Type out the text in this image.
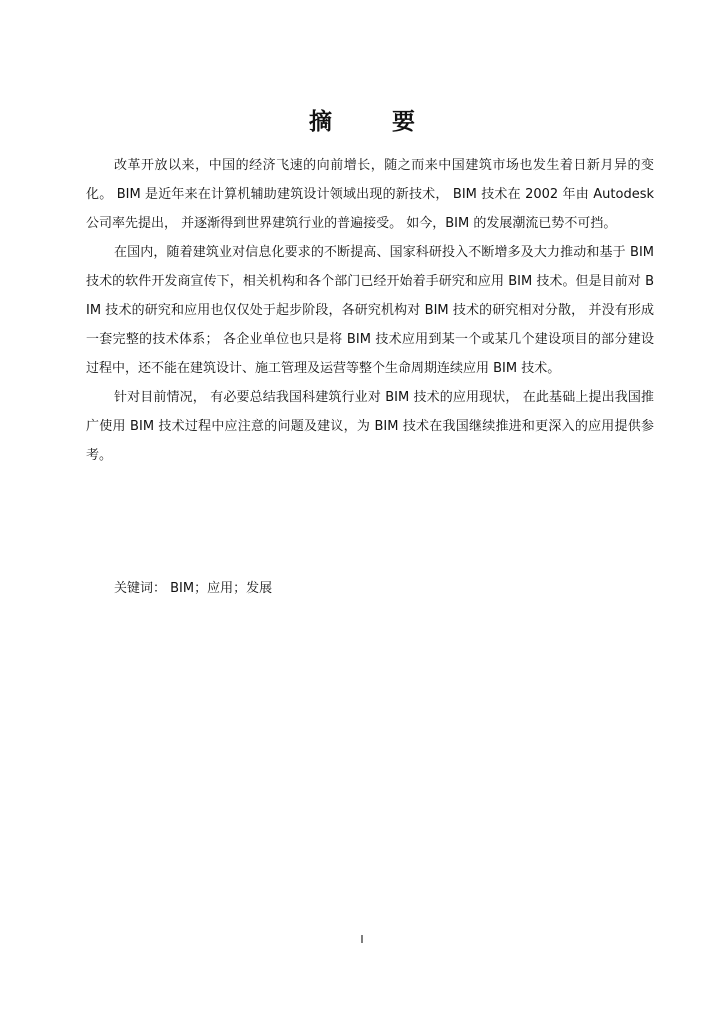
摘要

改革开放以来，中国的经济飞速的向前增长，随之而来中国建筑市场也发生着日新月异的变化。 BIM 是近年来在计算机辅助建筑设计领域出现的新技术， BIM 技术在 2002 年由 Autodesk 公司率先提出， 并逐渐得到世界建筑行业的普遍接受。 如今，BIM 的发展潮流已势不可挡。

在国内，随着建筑业对信息化要求的不断提高、国家科研投入不断增多及大力推动和基于 BIM 技术的软件开发商宣传下，相关机构和各个部门已经开始着手研究和应用 BIM 技术。但是目前对 BIM 技术的研究和应用也仅仅处于起步阶段，各研究机构对 BIM 技术的研究相对分散， 并没有形成一套完整的技术体系； 各企业单位也只是将 BIM 技术应用到某一个或某几个建设项目的部分建设过程中，还不能在建筑设计、施工管理及运营等整个生命周期连续应用 BIM 技术。

针对目前情况， 有必要总结我国科建筑行业对 BIM 技术的应用现状， 在此基础上提出我国推广使用 BIM 技术过程中应注意的问题及建议，为 BIM 技术在我国继续推进和更深入的应用提供参考。

关键词： BIM；应用；发展

I
